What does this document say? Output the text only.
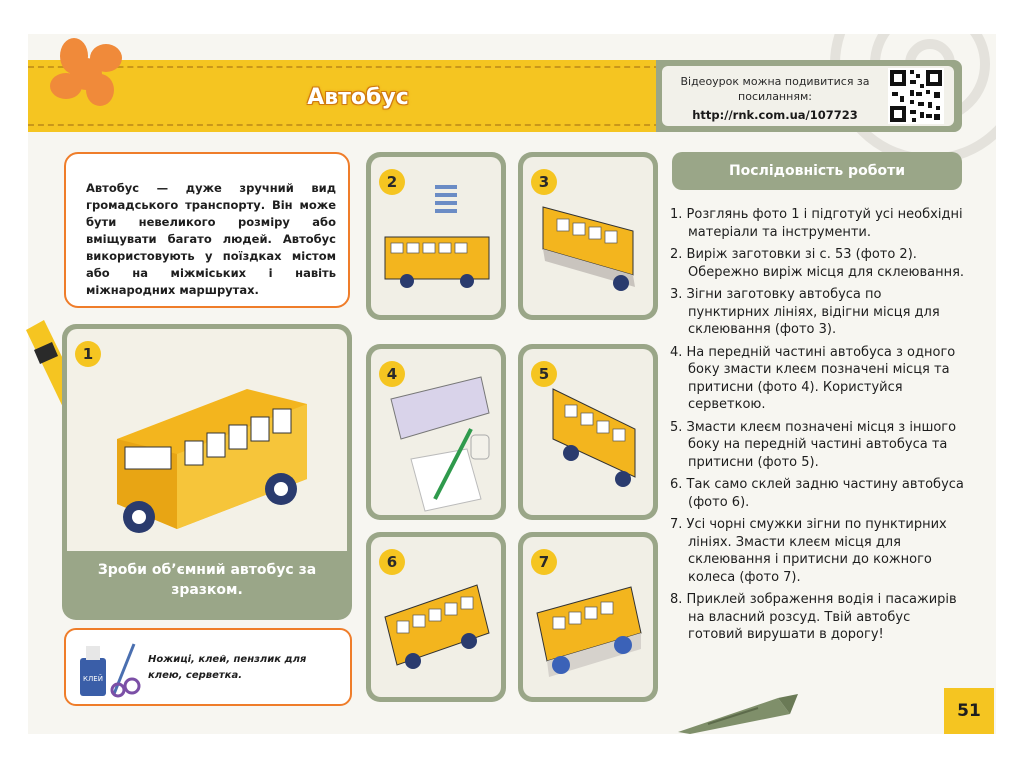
Автобус
Відеоурок можна подивитися за посиланням:
http://rnk.com.ua/107723
Автобус — дуже зручний вид громадського транспорту. Він може бути невеликого розміру або вміщувати багато людей. Автобус використовують у поїздках містом або на міжміських і навіть міжнародних маршрутах.
1
Зроби об’ємний автобус за зразком.
КЛЕЙ
Ножиці, клей, пензлик для клею, серветка.
2	3
4	5
6	7
Послідовність роботи
1. Розглянь фото 1 і підготуй усі необхідні матеріали та інструменти.
2. Виріж заготовки зі с. 53 (фото 2). Обережно виріж місця для склеювання.
3. Зігни заготовку автобуса по пунктирних лініях, відігни місця для склеювання (фото 3).
4. На передній частині автобуса з одного боку змасти клеєм позначені місця та притисни (фото 4). Користуйся серветкою.
5. Змасти клеєм позначені місця з іншого боку на передній частині автобуса та притисни (фото 5).
6. Так само склей задню частину автобуса (фото 6).
7. Усі чорні смужки зігни по пунктирних лініях. Змасти клеєм місця для склеювання і притисни до кожного колеса (фото 7).
8. Приклей зображення водія і пасажирів на власний розсуд. Твій автобус готовий вирушати в дорогу!
51
